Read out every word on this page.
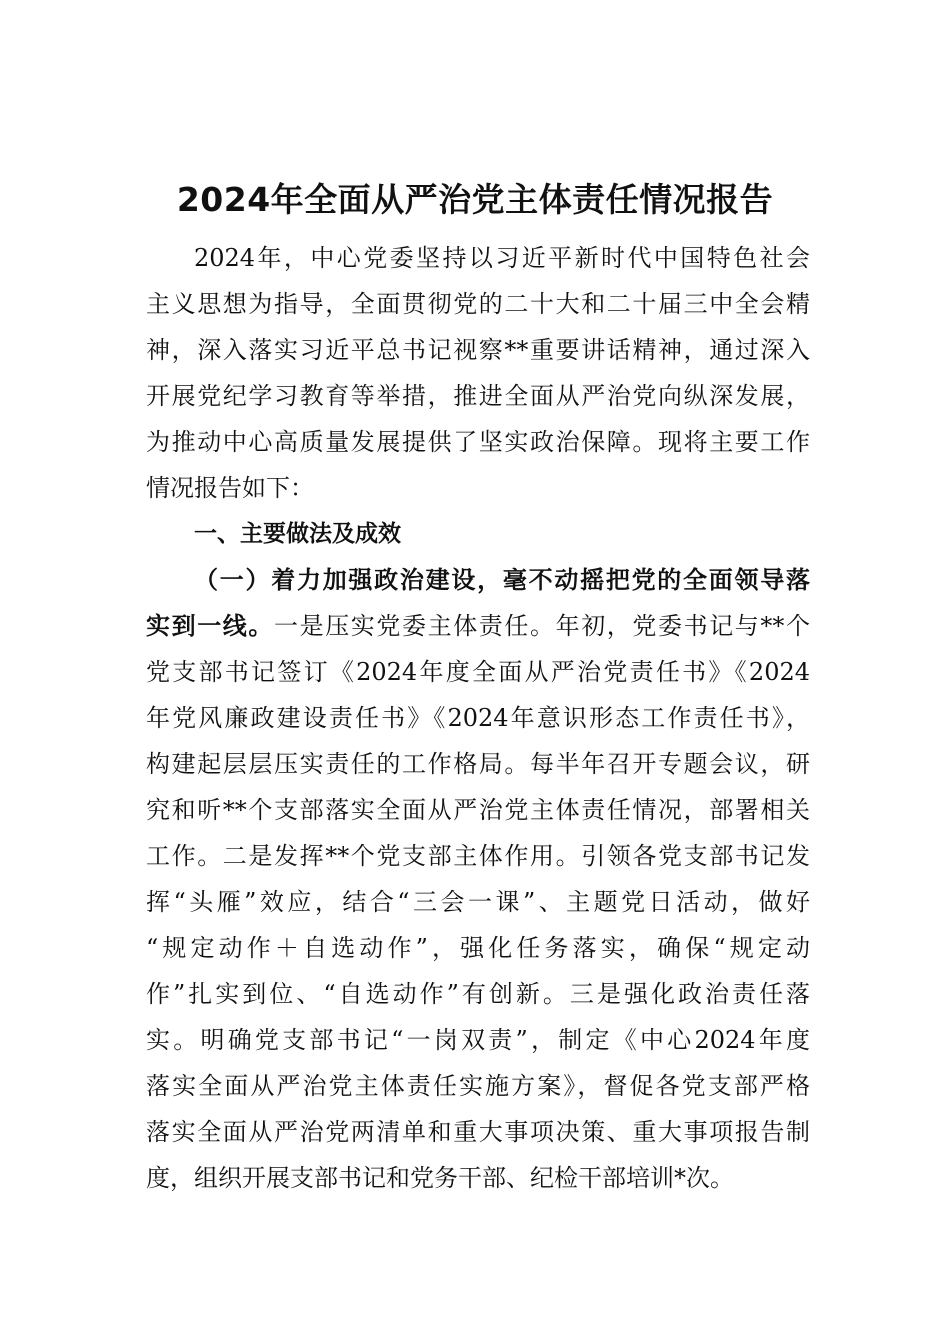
2024年全面从严治党主体责任情况报告

2024年，中心党委坚持以习近平新时代中国特色社会

主义思想为指导，全面贯彻党的二十大和二十届三中全会精

神，深入落实习近平总书记视察**重要讲话精神，通过深入

开展党纪学习教育等举措，推进全面从严治党向纵深发展，

为推动中心高质量发展提供了坚实政治保障。现将主要工作

情况报告如下：

一、主要做法及成效

（一）着力加强政治建设，毫不动摇把党的全面领导落

实到一线。一是压实党委主体责任。年初，党委书记与**个

党支部书记签订《2024年度全面从严治党责任书》《2024

年党风廉政建设责任书》《2024年意识形态工作责任书》，

构建起层层压实责任的工作格局。每半年召开专题会议，研

究和听**个支部落实全面从严治党主体责任情况，部署相关

工作。二是发挥**个党支部主体作用。引领各党支部书记发

挥“头雁”效应，结合“三会一课”、主题党日活动，做好

“规定动作＋自选动作”，强化任务落实，确保“规定动

作”扎实到位、“自选动作”有创新。三是强化政治责任落

实。明确党支部书记“一岗双责”，制定《中心2024年度

落实全面从严治党主体责任实施方案》，督促各党支部严格

落实全面从严治党两清单和重大事项决策、重大事项报告制

度，组织开展支部书记和党务干部、纪检干部培训*次。
